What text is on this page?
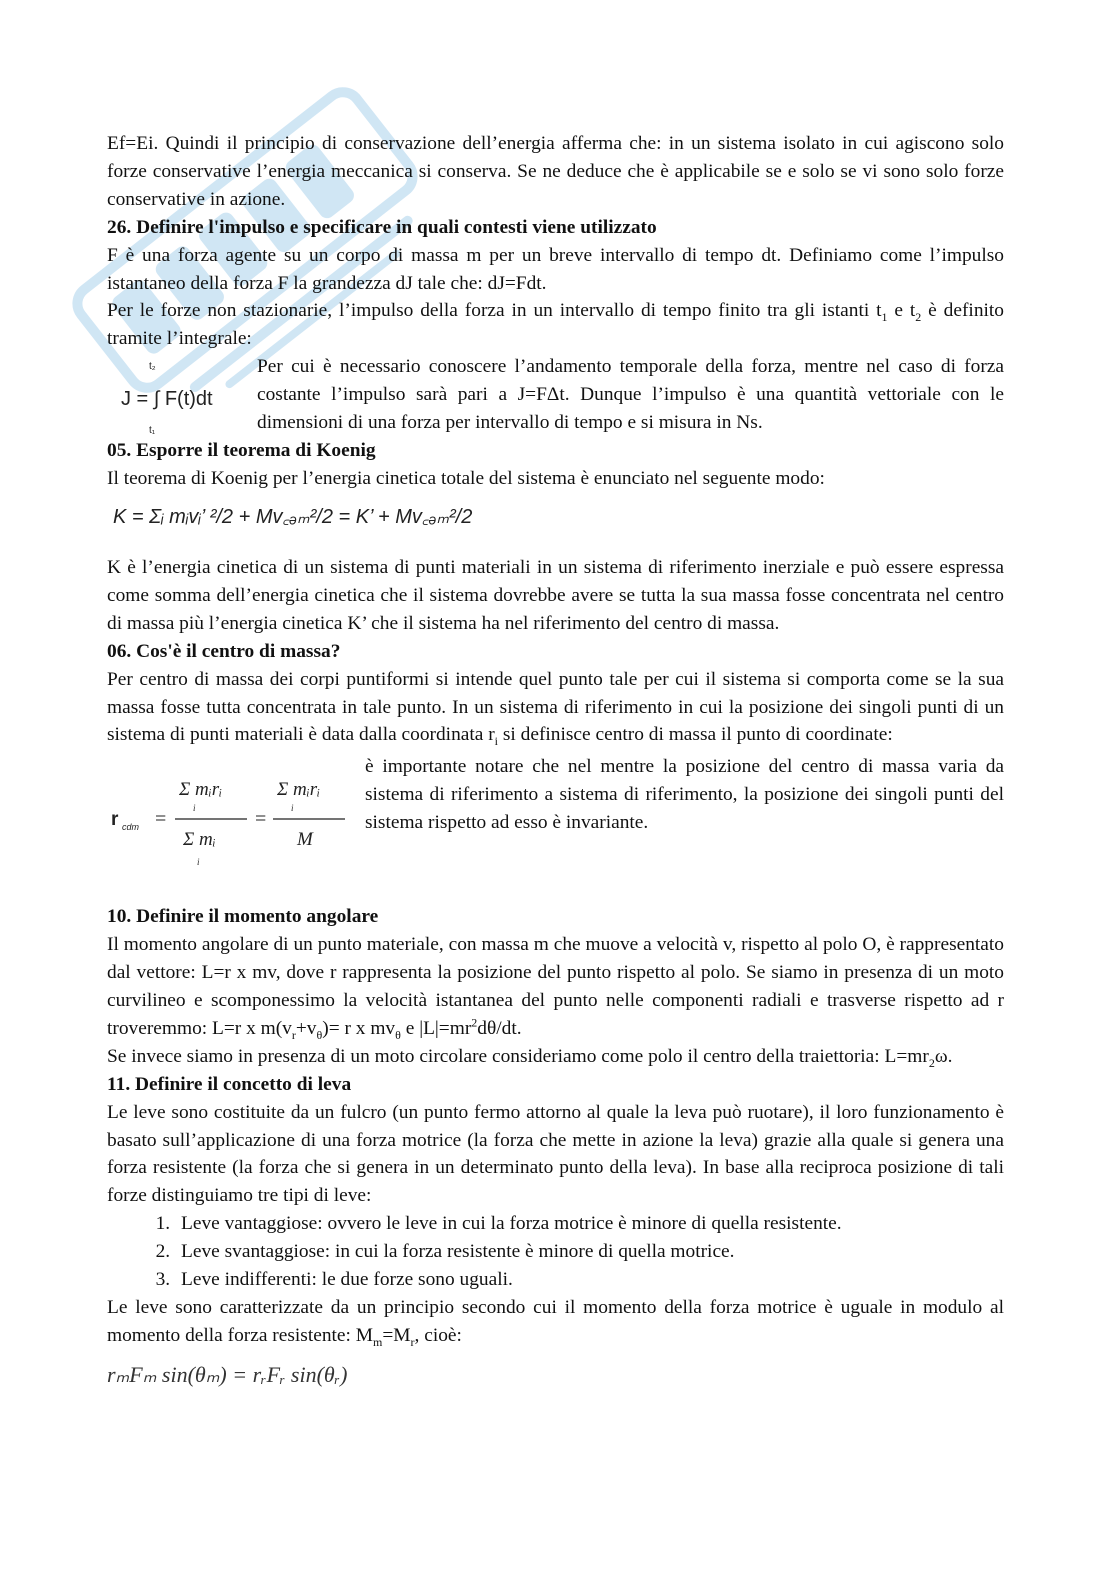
Ef=Ei. Quindi il principio di conservazione dell’energia afferma che: in un sistema isolato in cui agiscono solo forze conservative l’energia meccanica si conserva. Se ne deduce che è applicabile se e solo se vi sono solo forze conservative in azione.

26. Definire l'impulso e specificare in quali contesti viene utilizzato

F è una forza agente su un corpo di massa m per un breve intervallo di tempo dt. Definiamo come l’impulso istantaneo della forza F la grandezza dJ tale che: dJ=Fdt.

Per le forze non stazionarie, l’impulso della forza in un intervallo di tempo finito tra gli istanti $t_1$ e $t_2$ è definito tramite l’integrale:

J = ∫ F(t)dt
t₂
t₁

Per cui è necessario conoscere l’andamento temporale della forza, mentre nel caso di forza costante l’impulso sarà pari a J=FΔt. Dunque l’impulso è una quantità vettoriale con le dimensioni di una forza per intervallo di tempo e si misura in Ns.

05. Esporre il teorema di Koenig

Il teorema di Koenig per l’energia cinetica totale del sistema è enunciato nel seguente modo:

K = Σᵢ mᵢvᵢ’ ²/2 + Mv꜀ₔₘ²/2 = K’ + Mv꜀ₔₘ²/2

K è l’energia cinetica di un sistema di punti materiali in un sistema di riferimento inerziale e può essere espressa come somma dell’energia cinetica che il sistema dovrebbe avere se tutta la sua massa fosse concentrata nel centro di massa più l’energia cinetica K’ che il sistema ha nel riferimento del centro di massa.

06. Cos'è il centro di massa?

Per centro di massa dei corpi puntiformi si intende quel punto tale per cui il sistema si comporta come se la sua massa fosse tutta concentrata in tale punto. In un sistema di riferimento in cui la posizione dei singoli punti di un sistema di punti materiali è data dalla coordinata $r_i$ si definisce centro di massa il punto di coordinate:

r cdm =
Σ mᵢrᵢ
i
Σ mᵢ
i
=
Σ mᵢrᵢ
i
M

è importante notare che nel mentre la posizione del centro di massa varia da sistema di riferimento a sistema di riferimento, la posizione dei singoli punti del sistema rispetto ad esso è invariante.

10. Definire il momento angolare

Il momento angolare di un punto materiale, con massa m che muove a velocità v, rispetto al polo O, è rappresentato dal vettore: L=r x mv, dove r rappresenta la posizione del punto rispetto al polo. Se siamo in presenza di un moto curvilineo e scomponessimo la velocità istantanea del punto nelle componenti radiali e trasverse rispetto ad r troveremmo: L=r x $m(v_r+v_\theta)= r$ x $mv_\theta$ e $|L|=mr^2d\theta/dt$.

Se invece siamo in presenza di un moto circolare consideriamo come polo il centro della traiettoria: $L=mr_2\omega$.

11. Definire il concetto di leva

Le leve sono costituite da un fulcro (un punto fermo attorno al quale la leva può ruotare), il loro funzionamento è basato sull’applicazione di una forza motrice (la forza che mette in azione la leva) grazie alla quale si genera una forza resistente (la forza che si genera in un determinato punto della leva). In base alla reciproca posizione di tali forze distinguiamo tre tipi di leve:

1. Leve vantaggiose: ovvero le leve in cui la forza motrice è minore di quella resistente.
2. Leve svantaggiose: in cui la forza resistente è minore di quella motrice.
3. Leve indifferenti: le due forze sono uguali.

Le leve sono caratterizzate da un principio secondo cui il momento della forza motrice è uguale in modulo al momento della forza resistente: $M_m=M_r$, cioè:

rₘFₘ sin(θₘ) = rᵣFᵣ sin(θᵣ)
